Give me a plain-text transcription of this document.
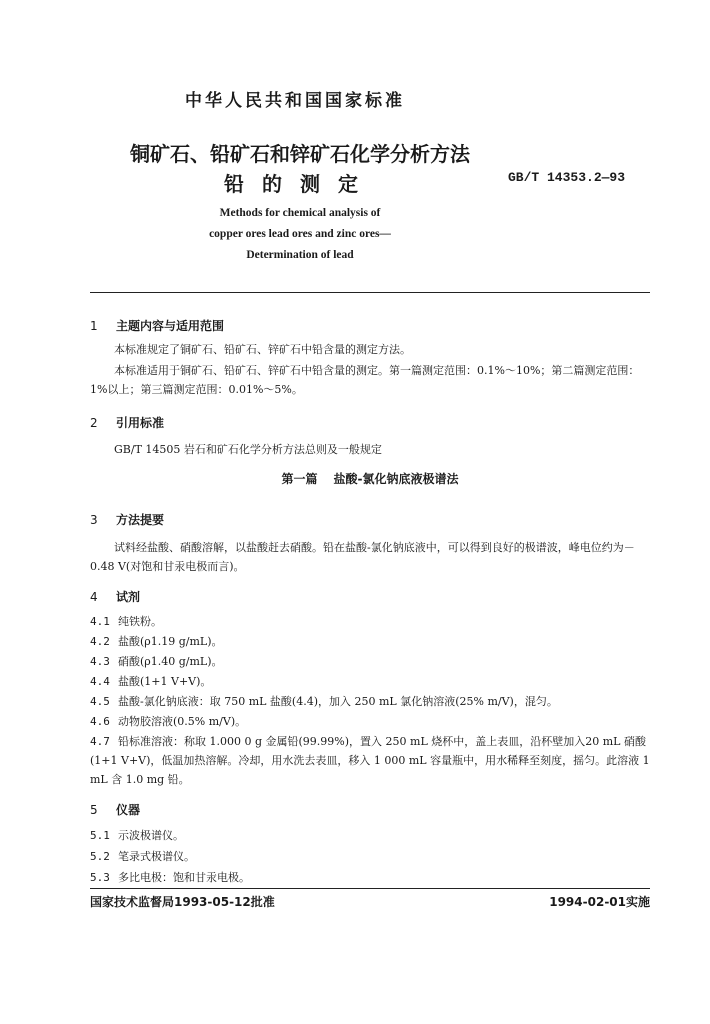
中华人民共和国国家标准
铜矿石、铅矿石和锌矿石化学分析方法
铅的测定	GB/T 14353.2—93
Methods for chemical analysis of
copper ores lead ores and zinc ores—
Determination of lead
1 主题内容与适用范围
本标准规定了铜矿石、铅矿石、锌矿石中铅含量的测定方法。
本标准适用于铜矿石、铅矿石、锌矿石中铅含量的测定。第一篇测定范围：0.1%～10%；第二篇测定范围：1%以上；第三篇测定范围：0.01%～5%。
2 引用标准
GB/T 14505 岩石和矿石化学分析方法总则及一般规定
第一篇 盐酸-氯化钠底液极谱法
3 方法提要
试料经盐酸、硝酸溶解，以盐酸赶去硝酸。铅在盐酸-氯化钠底液中，可以得到良好的极谱波，峰电位约为－0.48 V(对饱和甘汞电极而言)。
4 试剂
4.1 纯铁粉。
4.2 盐酸(ρ1.19 g/mL)。
4.3 硝酸(ρ1.40 g/mL)。
4.4 盐酸(1+1 V+V)。
4.5 盐酸-氯化钠底液：取 750 mL 盐酸(4.4)，加入 250 mL 氯化钠溶液(25% m/V)，混匀。
4.6 动物胶溶液(0.5% m/V)。
4.7 铅标准溶液：称取 1.000 0 g 金属铅(99.99%)，置入 250 mL 烧杯中，盖上表皿，沿杯壁加入20 mL 硝酸(1+1 V+V)，低温加热溶解。冷却，用水洗去表皿，移入 1 000 mL 容量瓶中，用水稀释至刻度，摇匀。此溶液 1 mL 含 1.0 mg 铅。
5 仪器
5.1 示波极谱仪。
5.2 笔录式极谱仪。
5.3 多比电极：饱和甘汞电极。
国家技术监督局1993-05-12批准	1994-02-01实施
